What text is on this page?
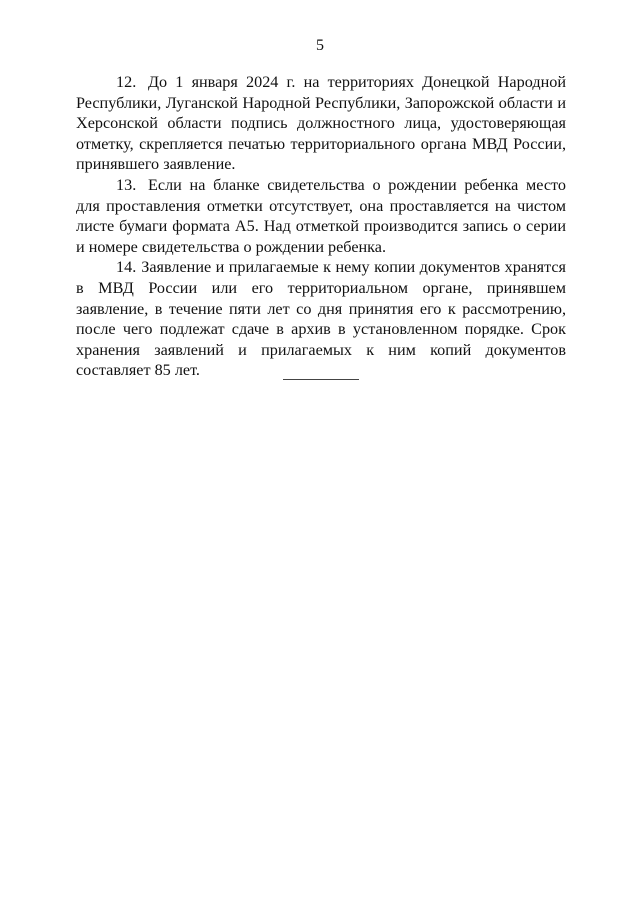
5

12. До 1 января 2024 г. на территориях Донецкой Народной Республики, Луганской Народной Республики, Запорожской области и Херсонской области подпись должностного лица, удостоверяющая отметку, скрепляется печатью территориального органа МВД России, принявшего заявление.

13. Если на бланке свидетельства о рождении ребенка место для проставления отметки отсутствует, она проставляется на чистом листе бумаги формата А5. Над отметкой производится запись о серии и номере свидетельства о рождении ребенка.

14. Заявление и прилагаемые к нему копии документов хранятся в МВД России или его территориальном органе, принявшем заявление, в течение пяти лет со дня принятия его к рассмотрению, после чего подлежат сдаче в архив в установленном порядке. Срок хранения заявлений и прилагаемых к ним копий документов составляет 85 лет.
